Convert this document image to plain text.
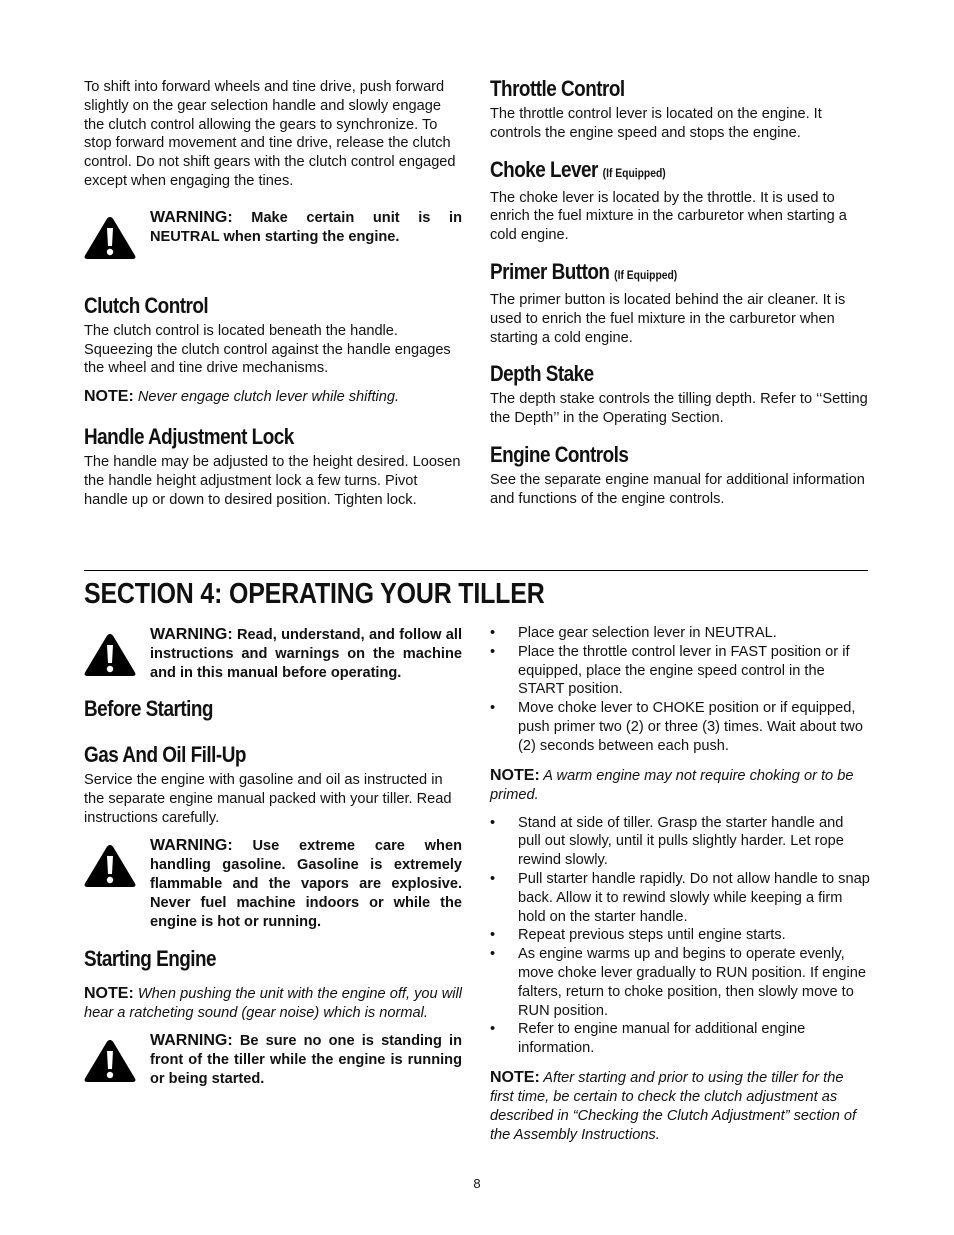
To shift into forward wheels and tine drive, push forward slightly on the gear selection handle and slowly engage the clutch control allowing the gears to synchronize. To stop forward movement and tine drive, release the clutch control. Do not shift gears with the clutch control engaged except when engaging the tines.

WARNING: Make certain unit is in NEUTRAL when starting the engine.

Clutch Control

The clutch control is located beneath the handle. Squeezing the clutch control against the handle engages the wheel and tine drive mechanisms.

NOTE: Never engage clutch lever while shifting.

Handle Adjustment Lock

The handle may be adjusted to the height desired. Loosen the handle height adjustment lock a few turns. Pivot handle up or down to desired position. Tighten lock.

Throttle Control

The throttle control lever is located on the engine. It controls the engine speed and stops the engine.

Choke Lever (If Equipped)

The choke lever is located by the throttle. It is used to enrich the fuel mixture in the carburetor when starting a cold engine.

Primer Button (If Equipped)

The primer button is located behind the air cleaner. It is used to enrich the fuel mixture in the carburetor when starting a cold engine.

Depth Stake

The depth stake controls the tilling depth. Refer to ‘‘Setting the Depth’’ in the Operating Section.

Engine Controls

See the separate engine manual for additional information and functions of the engine controls.

SECTION 4: OPERATING YOUR TILLER

WARNING: Read, understand, and follow all instructions and warnings on the machine and in this manual before operating.

Before Starting
Gas And Oil Fill-Up

Service the engine with gasoline and oil as instructed in the separate engine manual packed with your tiller. Read instructions carefully.

WARNING: Use extreme care when handling gasoline. Gasoline is extremely flammable and the vapors are explosive. Never fuel machine indoors or while the engine is hot or running.

Starting Engine

NOTE: When pushing the unit with the engine off, you will hear a ratcheting sound (gear noise) which is normal.

WARNING: Be sure no one is standing in front of the tiller while the engine is running or being started.

• Place gear selection lever in NEUTRAL.
• Place the throttle control lever in FAST position or if equipped, place the engine speed control in the START position.
• Move choke lever to CHOKE position or if equipped, push primer two (2) or three (3) times. Wait about two (2) seconds between each push.

NOTE: A warm engine may not require choking or to be primed.

• Stand at side of tiller. Grasp the starter handle and pull out slowly, until it pulls slightly harder. Let rope rewind slowly.
• Pull starter handle rapidly. Do not allow handle to snap back. Allow it to rewind slowly while keeping a firm hold on the starter handle.
• Repeat previous steps until engine starts.
• As engine warms up and begins to operate evenly, move choke lever gradually to RUN position. If engine falters, return to choke position, then slowly move to RUN position.
• Refer to engine manual for additional engine information.

NOTE: After starting and prior to using the tiller for the first time, be certain to check the clutch adjustment as described in “Checking the Clutch Adjustment” section of the Assembly Instructions.

8
